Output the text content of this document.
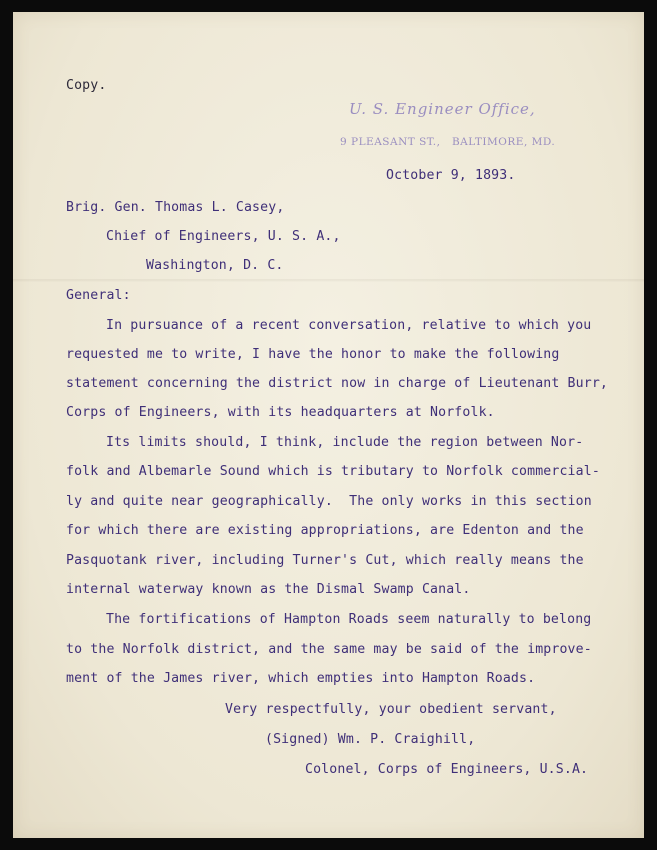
Copy.
U. S. Engineer Office,
9 PLEASANT ST.,   BALTIMORE, MD.
October 9, 1893.
Brig. Gen. Thomas L. Casey,
Chief of Engineers, U. S. A.,
Washington, D. C.
General:
In pursuance of a recent conversation, relative to which you
requested me to write, I have the honor to make the following
statement concerning the district now in charge of Lieutenant Burr,
Corps of Engineers, with its headquarters at Norfolk.
Its limits should, I think, include the region between Nor-
folk and Albemarle Sound which is tributary to Norfolk commercial-
ly and quite near geographically.  The only works in this section
for which there are existing appropriations, are Edenton and the
Pasquotank river, including Turner's Cut, which really means the
internal waterway known as the Dismal Swamp Canal.
The fortifications of Hampton Roads seem naturally to belong
to the Norfolk district, and the same may be said of the improve-
ment of the James river, which empties into Hampton Roads.
Very respectfully, your obedient servant,
(Signed) Wm. P. Craighill,
Colonel, Corps of Engineers, U.S.A.
